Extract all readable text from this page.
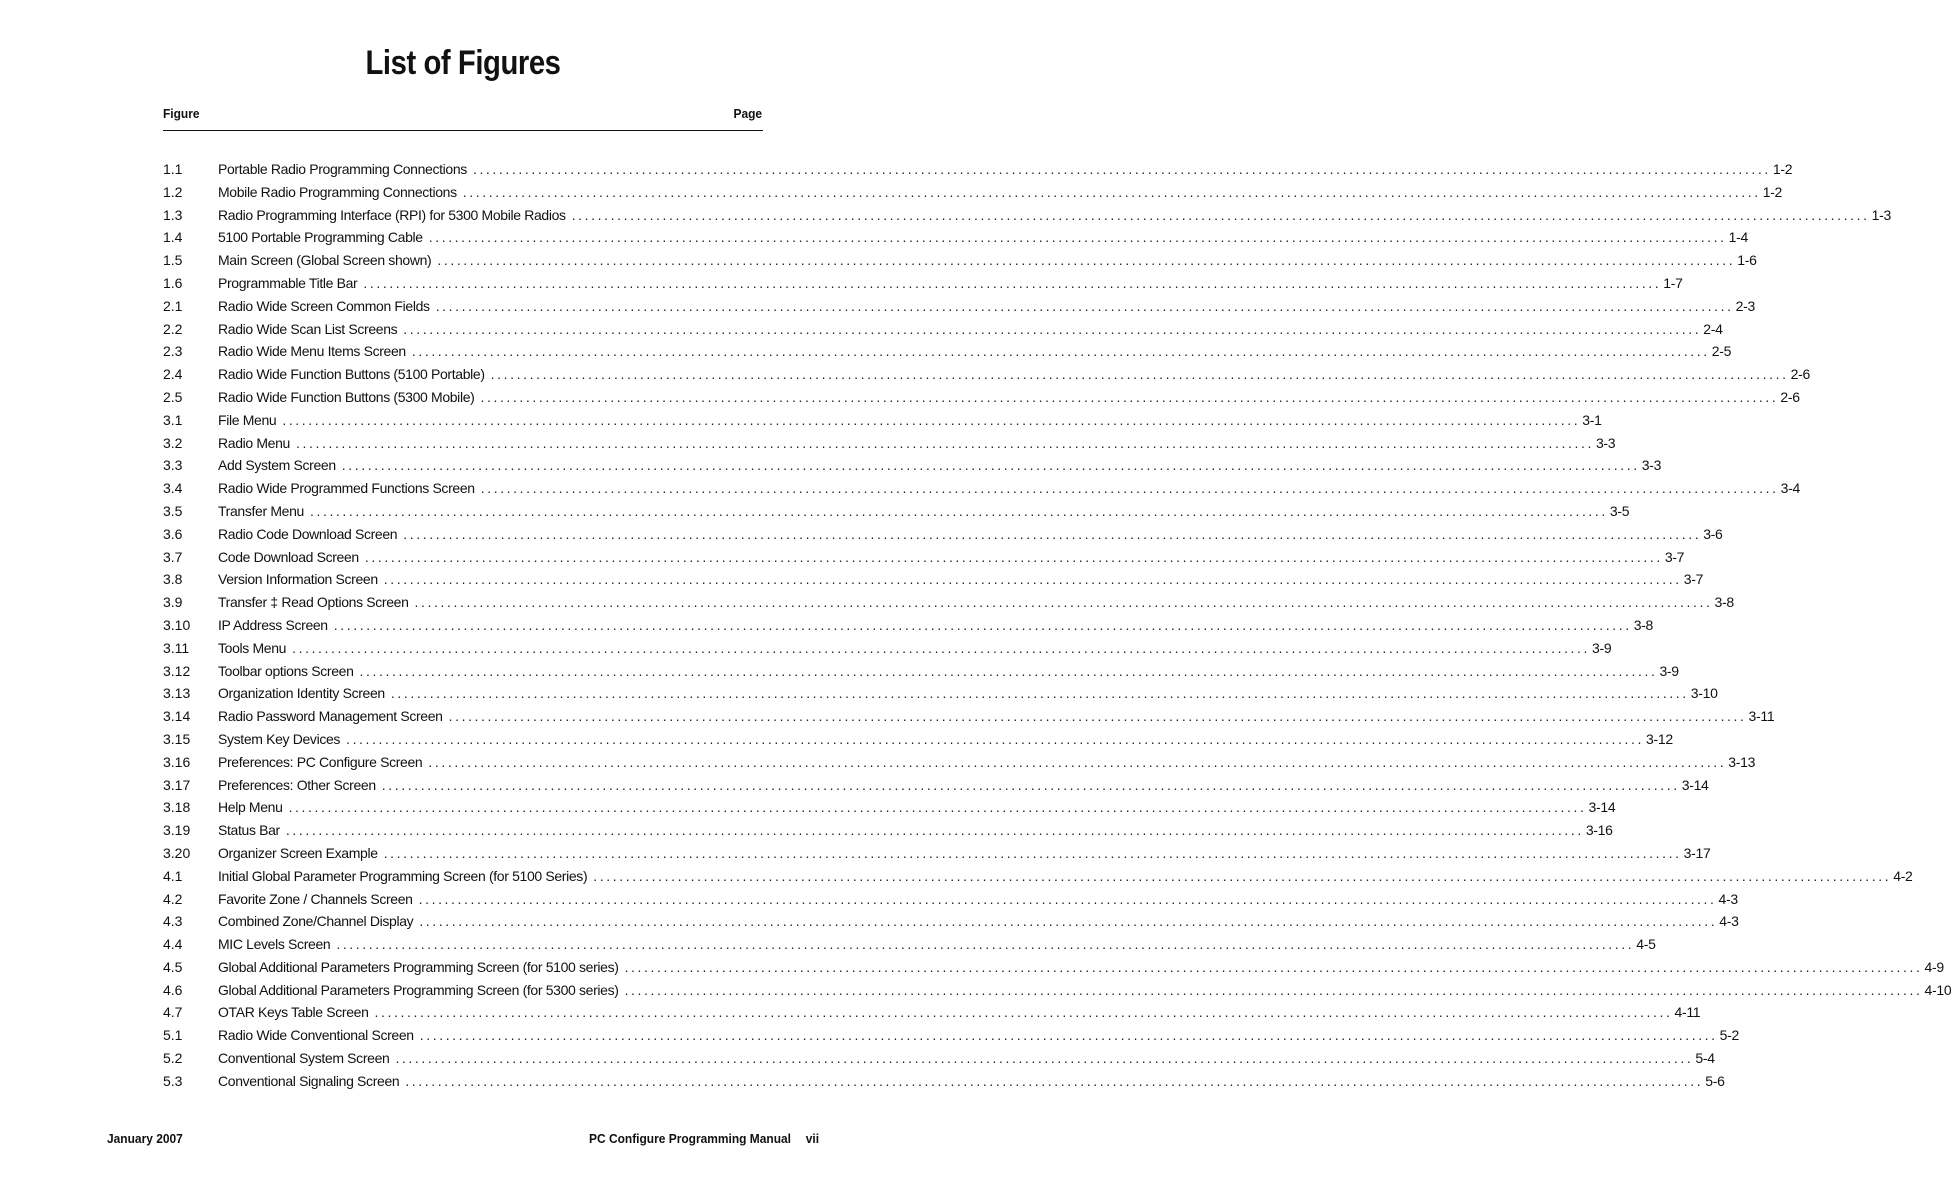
List of Figures
Figure	Page
1.1	Portable Radio Programming Connections ........................................................................................................................................................................................................ 1-2
1.2	Mobile Radio Programming Connections ........................................................................................................................................................................................................ 1-2
1.3	Radio Programming Interface (RPI) for 5300 Mobile Radios ........................................................................................................................................................................................................ 1-3
1.4	5100 Portable Programming Cable ........................................................................................................................................................................................................ 1-4
1.5	Main Screen (Global Screen shown) ........................................................................................................................................................................................................ 1-6
1.6	Programmable Title Bar ........................................................................................................................................................................................................ 1-7
2.1	Radio Wide Screen Common Fields ........................................................................................................................................................................................................ 2-3
2.2	Radio Wide Scan List Screens ........................................................................................................................................................................................................ 2-4
2.3	Radio Wide Menu Items Screen ........................................................................................................................................................................................................ 2-5
2.4	Radio Wide Function Buttons (5100 Portable) ........................................................................................................................................................................................................ 2-6
2.5	Radio Wide Function Buttons (5300 Mobile) ........................................................................................................................................................................................................ 2-6
3.1	File Menu ........................................................................................................................................................................................................ 3-1
3.2	Radio Menu ........................................................................................................................................................................................................ 3-3
3.3	Add System Screen ........................................................................................................................................................................................................ 3-3
3.4	Radio Wide Programmed Functions Screen ........................................................................................................................................................................................................ 3-4
3.5	Transfer Menu ........................................................................................................................................................................................................ 3-5
3.6	Radio Code Download Screen ........................................................................................................................................................................................................ 3-6
3.7	Code Download Screen ........................................................................................................................................................................................................ 3-7
3.8	Version Information Screen ........................................................................................................................................................................................................ 3-7
3.9	Transfer ‡ Read Options Screen ........................................................................................................................................................................................................ 3-8
3.10	IP Address Screen ........................................................................................................................................................................................................ 3-8
3.11	Tools Menu ........................................................................................................................................................................................................ 3-9
3.12	Toolbar options Screen ........................................................................................................................................................................................................ 3-9
3.13	Organization Identity Screen ........................................................................................................................................................................................................ 3-10
3.14	Radio Password Management Screen ........................................................................................................................................................................................................ 3-11
3.15	System Key Devices ........................................................................................................................................................................................................ 3-12
3.16	Preferences: PC Configure Screen ........................................................................................................................................................................................................ 3-13
3.17	Preferences: Other Screen ........................................................................................................................................................................................................ 3-14
3.18	Help Menu ........................................................................................................................................................................................................ 3-14
3.19	Status Bar ........................................................................................................................................................................................................ 3-16
3.20	Organizer Screen Example ........................................................................................................................................................................................................ 3-17
4.1	Initial Global Parameter Programming Screen (for 5100 Series) ........................................................................................................................................................................................................ 4-2
4.2	Favorite Zone / Channels Screen ........................................................................................................................................................................................................ 4-3
4.3	Combined Zone/Channel Display ........................................................................................................................................................................................................ 4-3
4.4	MIC Levels Screen ........................................................................................................................................................................................................ 4-5
4.5	Global Additional Parameters Programming Screen (for 5100 series) ........................................................................................................................................................................................................ 4-9
4.6	Global Additional Parameters Programming Screen (for 5300 series) ........................................................................................................................................................................................................ 4-10
4.7	OTAR Keys Table Screen ........................................................................................................................................................................................................ 4-11
5.1	Radio Wide Conventional Screen ........................................................................................................................................................................................................ 5-2
5.2	Conventional System Screen ........................................................................................................................................................................................................ 5-4
5.3	Conventional Signaling Screen ........................................................................................................................................................................................................ 5-6
January 2007	PC Configure Programming Manual vii
